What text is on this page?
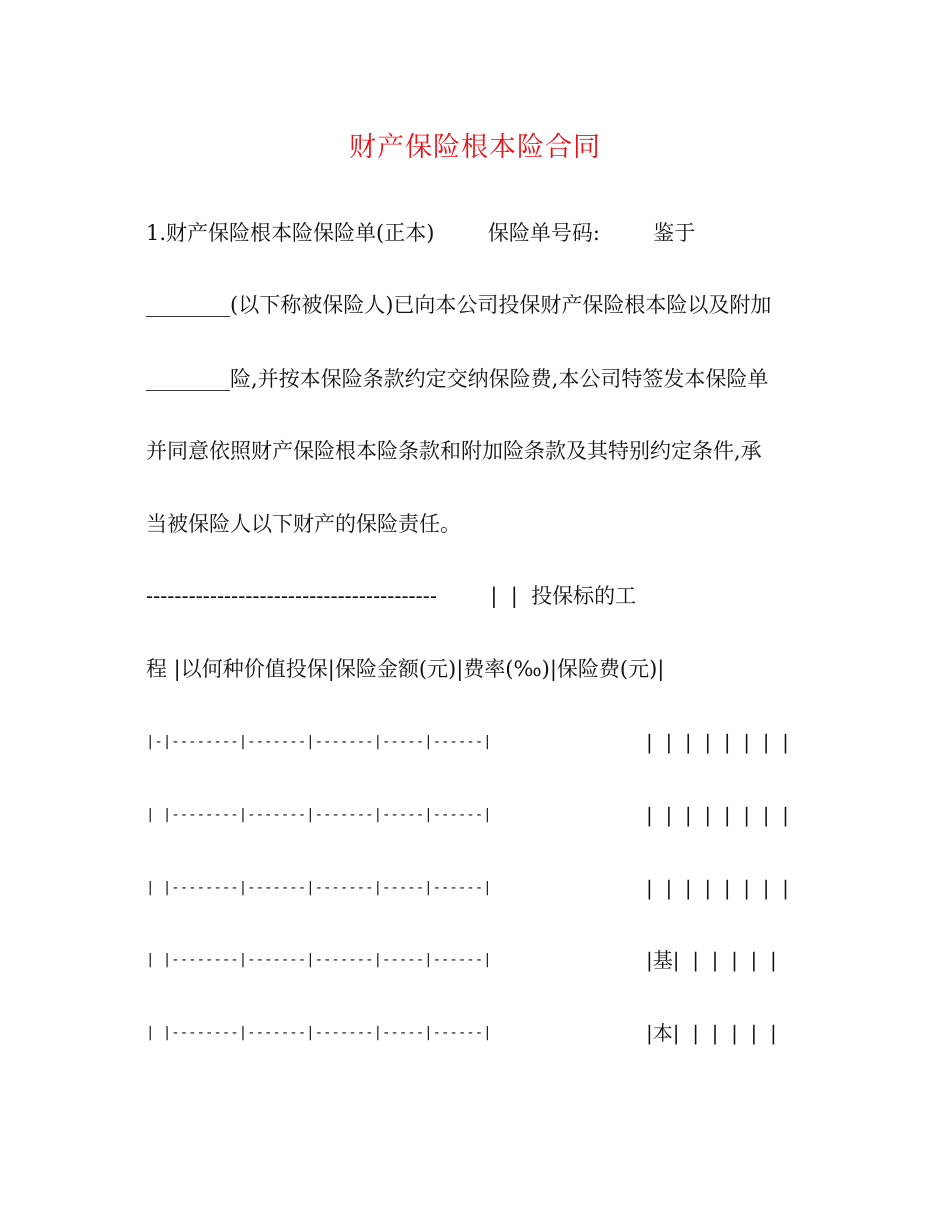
财产保险根本险合同
1.财产保险根本险保险单(正本)        保险单号码:        鉴于
________(以下称被保险人)已向本公司投保财产保险根本险以及附加
________险,并按本保险条款约定交纳保险费,本公司特签发本保险单
并同意依照财产保险根本险条款和附加险条款及其特别约定条件,承
当被保险人以下财产的保险责任。
-----------------------------------------        |  |  投保标的工
程 |以何种价值投保|保险金额(元)|费率(‰)|保险费(元)|
|-|--------|-------|-------|-----|------|
| |--------|-------|-------|-----|------|
| |--------|-------|-------|-----|------|
| |--------|-------|-------|-----|------|
| |--------|-------|-------|-----|------|
|  |  |  |  |  |  |  |
|  |  |  |  |  |  |  |
|  |  |  |  |  |  |  |
|基|  |  |  |  |  |
|本|  |  |  |  |  |
